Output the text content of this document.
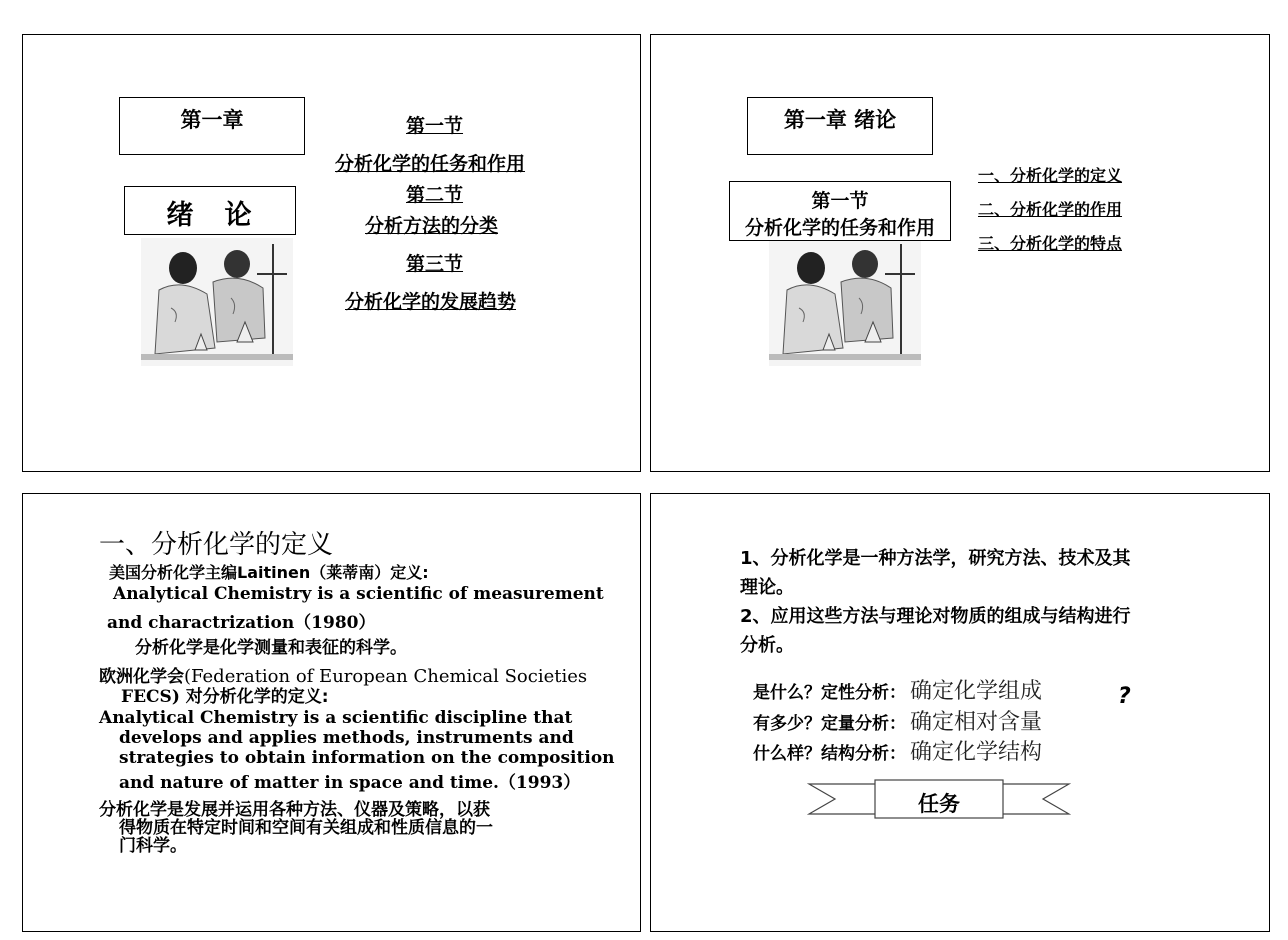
第一章
绪　论
第一节
分析化学的任务和作用
第二节
分析方法的分类
第三节
分析化学的发展趋势
第一章 绪论
第一节
分析化学的任务和作用
一、分析化学的定义
二、分析化学的作用
三、分析化学的特点
一、分析化学的定义
美国分析化学主编Laitinen（莱蒂南）定义:
Analytical Chemistry is a scientific of measurement
and charactrization（1980）
分析化学是化学测量和表征的科学。
欧洲化学会(Federation of European Chemical Societies
FECS) 对分析化学的定义:
Analytical Chemistry is a scientific discipline that
develops and applies methods, instruments and
strategies to obtain information on the composition
and nature of matter in space and time.（1993）
分析化学是发展并运用各种方法、仪器及策略，以获
得物质在特定时间和空间有关组成和性质信息的一
门科学。
1、分析化学是一种方法学，研究方法、技术及其
理论。
2、应用这些方法与理论对物质的组成与结构进行
分析。
是什么？定性分析： 确定化学组成
有多少？定量分析： 确定相对含量
什么样？结构分析： 确定化学结构
?
任务
